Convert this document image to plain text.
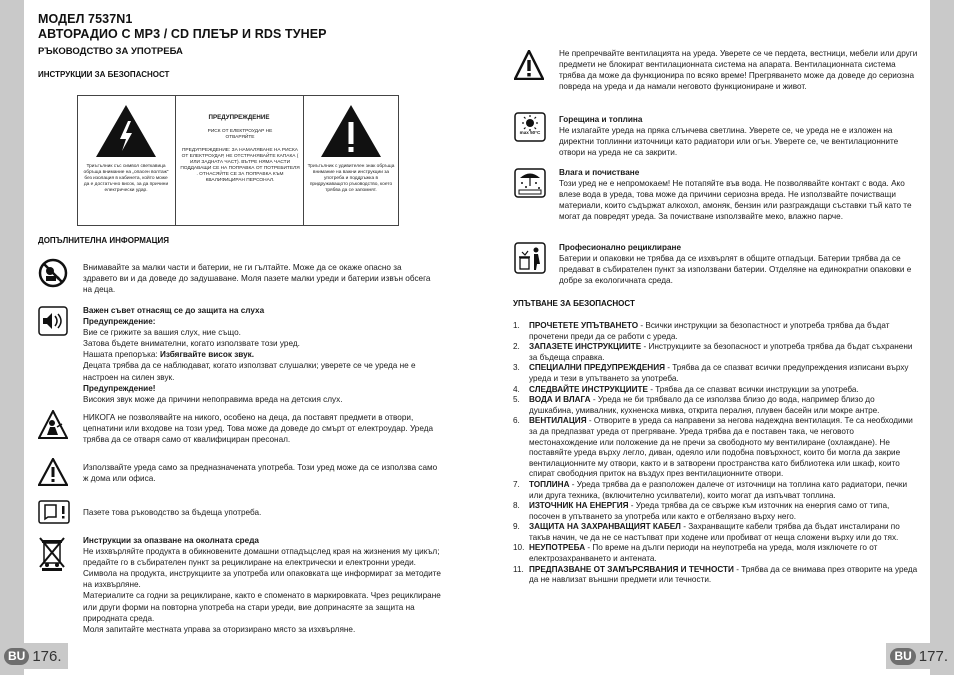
МОДЕЛ 7537N1
АВТОРАДИО С MP3 / CD ПЛЕЪР И RDS ТУНЕР
РЪКОВОДСТВО ЗА УПОТРЕБА
ИНСТРУКЦИИ ЗА БЕЗОПАСНОСТ
Триъгълник със символ светкавица обръщa внимание на „опасен волтаж“ без изолация в кабинета, който може да е достатъчно висок, за да причини електрически удар.
ПРЕДУПРЕЖДЕНИЕ
РИСК ОТ ЕЛЕКТРОУДАР НЕ ОТВАРЯЙТЕ
ПРЕДУПРЕЖДЕНИЕ: ЗА НАМАЛЯВАНЕ НА РИСКА ОТ ЕЛЕКТРОУДАР, НЕ ОТСТРАНЯВАЙТЕ КАПАКА ( ИЛИ ЗАДНАТА ЧАСТ). ВЪТРЕ НЯМА ЧАСТИ ПОДДАВАЩИ СЕ НА ПОПРАВКА ОТ ПОТРЕБИТЕЛЯ . ОТНАСЯЙТЕ СЕ ЗА ПОПРАВКА КЪМ КВАЛИФИЦИРАН ПЕРСОНАЛ.
Триъгълник с удивителен знак обръща внимание на важни инструкции за употреба и поддръжка в придружаващото ръководство, което трябва да се запомнят.
ДОПЪЛНИТЕЛНА ИНФОРМАЦИЯ
Внимавайте за малки части и батерии, не ги гълтайте. Може да се окаже опасно за здравето ви и да доведе до задушаване. Моля пазете малки уреди и батерии извън обсега на деца.
Важен съвет отнасящ се до защита на слуха
Предупреждение:
Вие се грижите за вашия слух, ние също.
Затова бъдете внимателни, когато използвате този уред.
Нашата препоръка: Избягвайте висок звук.
Децата трябва да се наблюдават, когато използват слушалки; уверете се че уреда не е настроен на силен звук.
Предупреждение!
Високия звук може да причини непоправима вреда на детския слух.
НИКОГА не позволявайте на никого, особено на деца, да поставят предмети в отвори, цепнатини или входове на този уред. Това може да доведе до смърт от електроудар. Уреда трябва да се отваря само от квалифициран пресонал.
Използвайте уреда само за предназначената употреба. Този уред може да се използва само ж дома или офиса.
Пазете това ръководство за бъдеща употреба.
Инструкции за опазване на околната среда
Не изхвърляйте продукта в обикновените домашни отпадъцслед края на жизнения му цикъл; предайте го в събирателен пункт за рециклиране на електрически и електронни уреди. Символа на продукта, инструкциите за употреба или опаковката ще информират за методите на изхвърляне.
Материалите са годни за рециклиране, както е споменато в маркировката. Чрез рециклиране или други форми на повторна употреба на стари уреди, вие допринасяте за защита на природната среда.
Моля запитайте местната управа за оторизирано място за изхвърляне.
BU 176.
Не препречвайте вентилацията на уреда. Уверете се че пердета, вестници, мебели или други предмети не блокират вентилационната система на апарата. Вентилационната система трябва да може да функционира по всяко време! Прегряването може да доведе до сериозна повреда на уреда и да намали неговото функциониране и живот.
max 50°C
Горещина и топлина
Не излагайте уреда на пряка слънчева светлина. Уверете се, че уреда не е изложен на директни топлинни източници като радиатори или огън. Уверете се, че вентилационните отвори на уреда не са закрити.
Влага и почистване
Този уред не е непромокаем! Не потапяйте във вода. Не позволявайте контакт с вода. Ако влезе вода в уреда, това може да причини сериозна вреда. Не използвайте почистващи материали, които съдържат алкохол, амоняк, бензин или разграждащи съставки тъй като те могат да повредят уреда. За почистване използвайте меко, влажно парче.
Професионално рециклиране
Батерии и опаковки не трябва да се изхвърлят в общите отпадъци. Батерии трябва да се предават в събирателен пункт за използвани батерии. Отделяне на единократни опаковки е добре за екологичната среда.
УПЪТВАНЕ ЗА БЕЗОПАСНОСТ
1.	ПРОЧЕТЕТЕ УПЪТВАНЕТО - Всички инструкции за безопастност и употреба трябва да бъдат прочетени преди да се работи с уреда.
2.	ЗАПАЗЕТЕ ИНСТРУКЦИИТЕ - Инструкциите за безопасност и употреба трябва да бъдат съхранени за бъдеща справка.
3.	СПЕЦИАЛНИ ПРЕДУПРЕЖДЕНИЯ - Трябва да се спазват всички предупреждения изписани върху уреда и тези в упътването за употреба.
4.	СЛЕДВАЙТЕ ИНСТРУКЦИИТЕ - Трябва да се спазват всички инструкции за употреба.
5.	ВОДА И ВЛАГА - Уреда не би трябвало да се използва близо до вода, например близо до душкабина, умивалник, кухненска мивка, открита пералня, плувен басейн или мокре антре.
6.	ВЕНТИЛАЦИЯ - Отворите в уреда са направени за негова надеждна вентилация. Те са необходими за да предпазват уреда от прегряване. Уреда трябва да е поставен така, че неговото местонахождение или положение да не пречи за свободното му вентилиране (охлаждане). Не поставяйте уреда върху легло, диван, одеяло или подобна повърхност, които би могла да закрие вентилационните му отвори, както и в затворени пространства като библиотека или шкаф, които спират свободния приток на въздух през вентилационните отвори.
7.	ТОПЛИНА - Уреда трябва да е разположен далече от източници на топлина като радиатори, печки или друга техника, (включително усилватели), които могат да изпъчват топлина.
8.	ИЗТОЧНИК НА ЕНЕРГИЯ - Уреда трябва да се свърже към източник на енергия само от типа, посочен в упътването за употреба или както е отбелязано върху него.
9.	ЗАЩИТА НА ЗАХРАНВАЩИЯТ КАБЕЛ - Захранващите кабели трябва да бъдат инсталирани по такъв начин, че да не се настъпват при ходене или пробиват от неща сложени върху или до тях.
10. НЕУПОТРЕБА - По време на дълги периоди на неупотреба на уреда, моля изключете го от електрозахранването и антената.
11. ПРЕДПАЗВАНЕ ОТ ЗАМЪРСЯВАНИЯ И ТЕЧНОСТИ - Трябва да се внимава през отворите на уреда да не навлизат външни предмети или течности.
BU 177.
